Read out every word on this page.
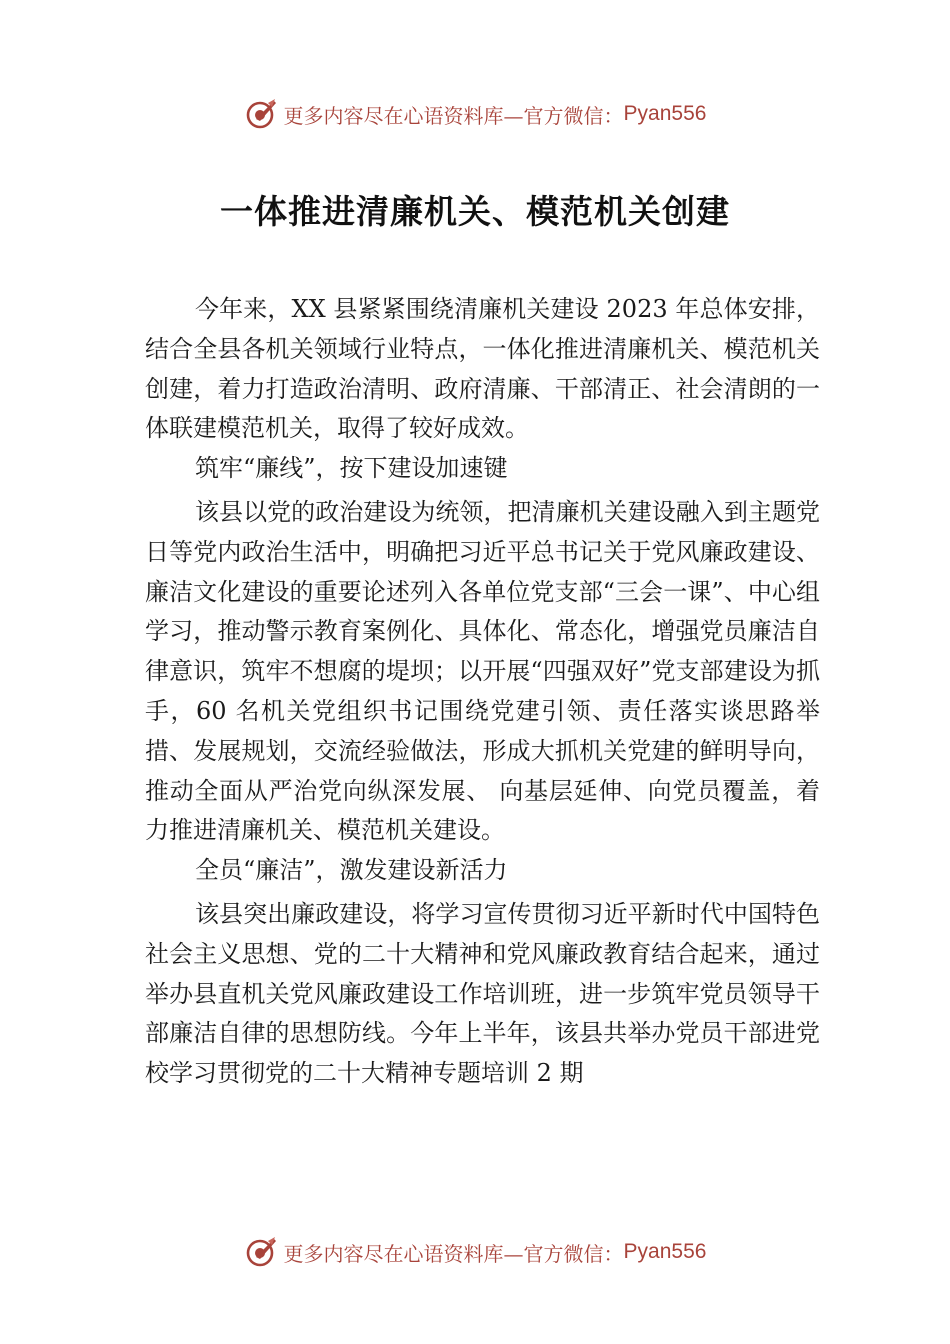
更多内容尽在心语资料库—官方微信： Pyan556
一体推进清廉机关、模范机关创建

今年来，XX 县紧紧围绕清廉机关建设 2023 年总体安排，结合全县各机关领域行业特点，一体化推进清廉机关、模范机关创建，着力打造政治清明、政府清廉、干部清正、社会清朗的一体联建模范机关，取得了较好成效。

筑牢“廉线”，按下建设加速键

该县以党的政治建设为统领，把清廉机关建设融入到主题党日等党内政治生活中，明确把习近平总书记关于党风廉政建设、廉洁文化建设的重要论述列入各单位党支部“三会一课”、中心组学习，推动警示教育案例化、具体化、常态化，增强党员廉洁自律意识，筑牢不想腐的堤坝；以开展“四强双好”党支部建设为抓手，60 名机关党组织书记围绕党建引领、责任落实谈思路举措、发展规划，交流经验做法，形成大抓机关党建的鲜明导向，推动全面从严治党向纵深发展、 向基层延伸、向党员覆盖，着力推进清廉机关、模范机关建设。

全员“廉洁”，激发建设新活力

该县突出廉政建设，将学习宣传贯彻习近平新时代中国特色社会主义思想、党的二十大精神和党风廉政教育结合起来，通过举办县直机关党风廉政建设工作培训班，进一步筑牢党员领导干部廉洁自律的思想防线。今年上半年，该县共举办党员干部进党校学习贯彻党的二十大精神专题培训 2 期

更多内容尽在心语资料库—官方微信： Pyan556
